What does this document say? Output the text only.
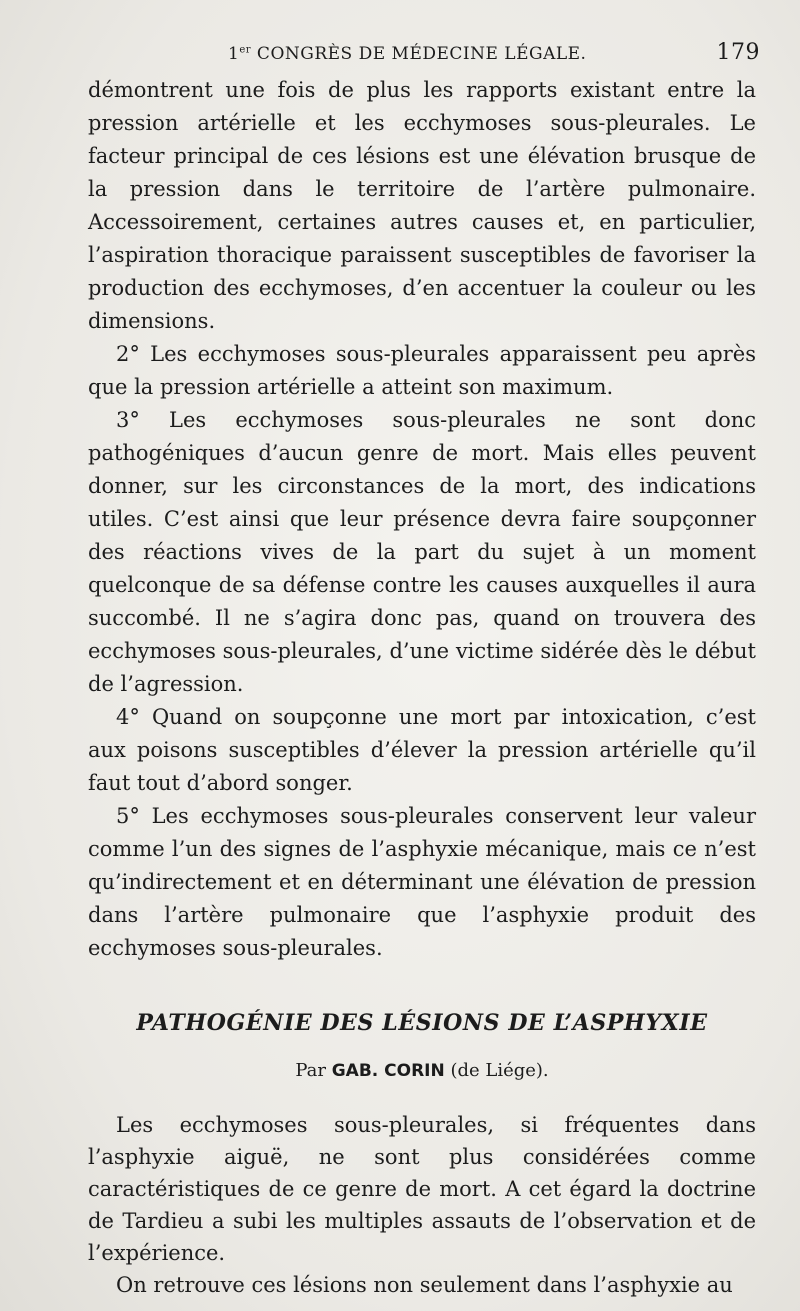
1er CONGRÈS DE MÉDECINE LÉGALE.	179

démontrent une fois de plus les rapports existant entre la pression artérielle et les ecchymoses sous-pleurales. Le facteur principal de ces lésions est une élévation brusque de la pression dans le territoire de l’artère pulmonaire. Accessoirement, certaines autres causes et, en particulier, l’aspiration thoracique paraissent susceptibles de favoriser la production des ecchymoses, d’en accentuer la couleur ou les dimensions.

2° Les ecchymoses sous-pleurales apparaissent peu après que la pression artérielle a atteint son maximum.

3° Les ecchymoses sous-pleurales ne sont donc pathogéniques d’aucun genre de mort. Mais elles peuvent donner, sur les circonstances de la mort, des indications utiles. C’est ainsi que leur présence devra faire soupçonner des réactions vives de la part du sujet à un moment quelconque de sa défense contre les causes auxquelles il aura succombé. Il ne s’agira donc pas, quand on trouvera des ecchymoses sous-pleurales, d’une victime sidérée dès le début de l’agression.

4° Quand on soupçonne une mort par intoxication, c’est aux poisons susceptibles d’élever la pression artérielle qu’il faut tout d’abord songer.

5° Les ecchymoses sous-pleurales conservent leur valeur comme l’un des signes de l’asphyxie mécanique, mais ce n’est qu’indirectement et en déterminant une élévation de pression dans l’artère pulmonaire que l’asphyxie produit des ecchymoses sous-pleurales.

PATHOGÉNIE DES LÉSIONS DE L’ASPHYXIE
Par GAB. CORIN (de Liége).

Les ecchymoses sous-pleurales, si fréquentes dans l’asphyxie aiguë, ne sont plus considérées comme caractéristiques de ce genre de mort. A cet égard la doctrine de Tardieu a subi les multiples assauts de l’observation et de l’expérience.

On retrouve ces lésions non seulement dans l’asphyxie au
